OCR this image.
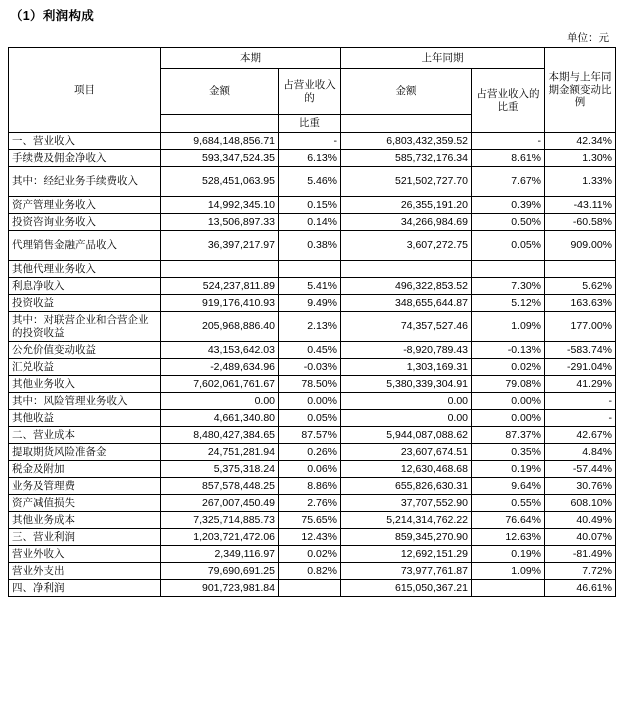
（1）利润构成
单位：元
项目	本期		上年同期		本期与上年同期金额变动比例
	金额	占营业收入的	金额	占营业收入的比重	
		比重			
一、营业收入	9,684,148,856.71	-	6,803,432,359.52	-	42.34%
手续费及佣金净收入	593,347,524.35	6.13%	585,732,176.34	8.61%	1.30%
其中：经纪业务手续费收入	528,451,063.95	5.46%	521,502,727.70	7.67%	1.33%
资产管理业务收入	14,992,345.10	0.15%	26,355,191.20	0.39%	-43.11%
投资咨询业务收入	13,506,897.33	0.14%	34,266,984.69	0.50%	-60.58%
代理销售金融产品收入	36,397,217.97	0.38%	3,607,272.75	0.05%	909.00%
其他代理业务收入					
利息净收入	524,237,811.89	5.41%	496,322,853.52	7.30%	5.62%
投资收益	919,176,410.93	9.49%	348,655,644.87	5.12%	163.63%
其中：对联营企业和合营企业的投资收益	205,968,886.40	2.13%	74,357,527.46	1.09%	177.00%
公允价值变动收益	43,153,642.03	0.45%	-8,920,789.43	-0.13%	-583.74%
汇兑收益	-2,489,634.96	-0.03%	1,303,169.31	0.02%	-291.04%
其他业务收入	7,602,061,761.67	78.50%	5,380,339,304.91	79.08%	41.29%
其中：风险管理业务收入	0.00	0.00%	0.00	0.00%	-
其他收益	4,661,340.80	0.05%	0.00	0.00%	-
二、营业成本	8,480,427,384.65	87.57%	5,944,087,088.62	87.37%	42.67%
提取期货风险准备金	24,751,281.94	0.26%	23,607,674.51	0.35%	4.84%
税金及附加	5,375,318.24	0.06%	12,630,468.68	0.19%	-57.44%
业务及管理费	857,578,448.25	8.86%	655,826,630.31	9.64%	30.76%
资产减值损失	267,007,450.49	2.76%	37,707,552.90	0.55%	608.10%
其他业务成本	7,325,714,885.73	75.65%	5,214,314,762.22	76.64%	40.49%
三、营业利润	1,203,721,472.06	12.43%	859,345,270.90	12.63%	40.07%
营业外收入	2,349,116.97	0.02%	12,692,151.29	0.19%	-81.49%
营业外支出	79,690,691.25	0.82%	73,977,761.87	1.09%	7.72%
四、净利润	901,723,981.84		615,050,367.21		46.61%
